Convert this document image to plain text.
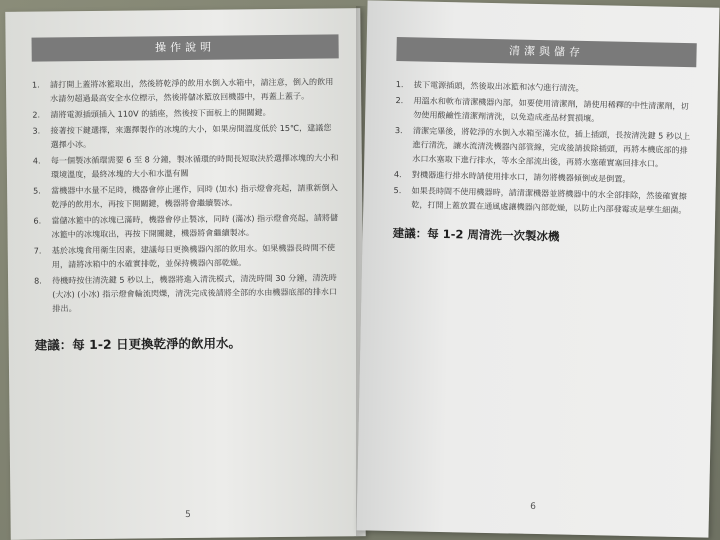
操作說明
1.	請打開上蓋將冰籃取出，然後將乾淨的飲用水倒入水箱中，請注意，倒入的飲用水請勿超過最高安全水位標示，然後將儲冰籃放回機器中，再蓋上蓋子。
2.	請將電源插頭插入 110V 的插座，然後按下面板上的開關鍵。
3.	接著按下鍵選擇，來選擇製作的冰塊的大小，如果房間溫度低於 15℃，建議您選擇小冰。
4.	每一個製冰循環需要 6 至 8 分鐘，製冰循環的時間長短取決於選擇冰塊的大小和環境溫度，最終冰塊的大小和水溫有關
5.	當機器中水量不足時，機器會停止運作，同時 (加水) 指示燈會亮起，請重新倒入乾淨的飲用水，再按下開關鍵，機器將會繼續製冰。
6.	當儲冰籃中的冰塊已滿時，機器會停止製冰，同時 (滿冰) 指示燈會亮起，請將儲冰籃中的冰塊取出，再按下開關鍵，機器將會繼續製冰。
7.	基於冰塊食用衛生因素，建議每日更換機器內部的飲用水。如果機器長時間不使用，請將冰箱中的水確實排乾，並保持機器內部乾燥。
8.	待機時按住清洗鍵 5 秒以上，機器將進入清洗模式，清洗時間 30 分鐘，清洗時 (大冰) (小冰) 指示燈會輪流閃爍，清洗完成後請將全部的水由機器底部的排水口排出。
建議：每 1-2 日更換乾淨的飲用水。
5
清潔與儲存
1.	拔下電源插頭，然後取出冰籃和冰勺進行清洗。
2.	用溫水和軟布清潔機器內部，如要使用清潔劑，請使用稀釋的中性清潔劑，切勿使用酸鹼性清潔劑清洗，以免造成產品材質損壞。
3.	清潔完畢後，將乾淨的水倒入水箱至滿水位，插上插頭，長按清洗鍵 5 秒以上進行清洗，讓水流清洗機器內部管線，完成後請拔除插頭，再將本機底部的排水口水塞取下進行排水，等水全部流出後，再將水塞確實塞回排水口。
4.	對機器進行排水時請使用排水口，請勿將機器傾倒或是倒置。
5.	如果長時間不使用機器時，請清潔機器並將機器中的水全部排除，然後確實擦乾，打開上蓋放置在通風處讓機器內部乾燥，以防止內部發霉或是孳生細菌。
建議：每 1-2 周清洗一次製冰機
6
